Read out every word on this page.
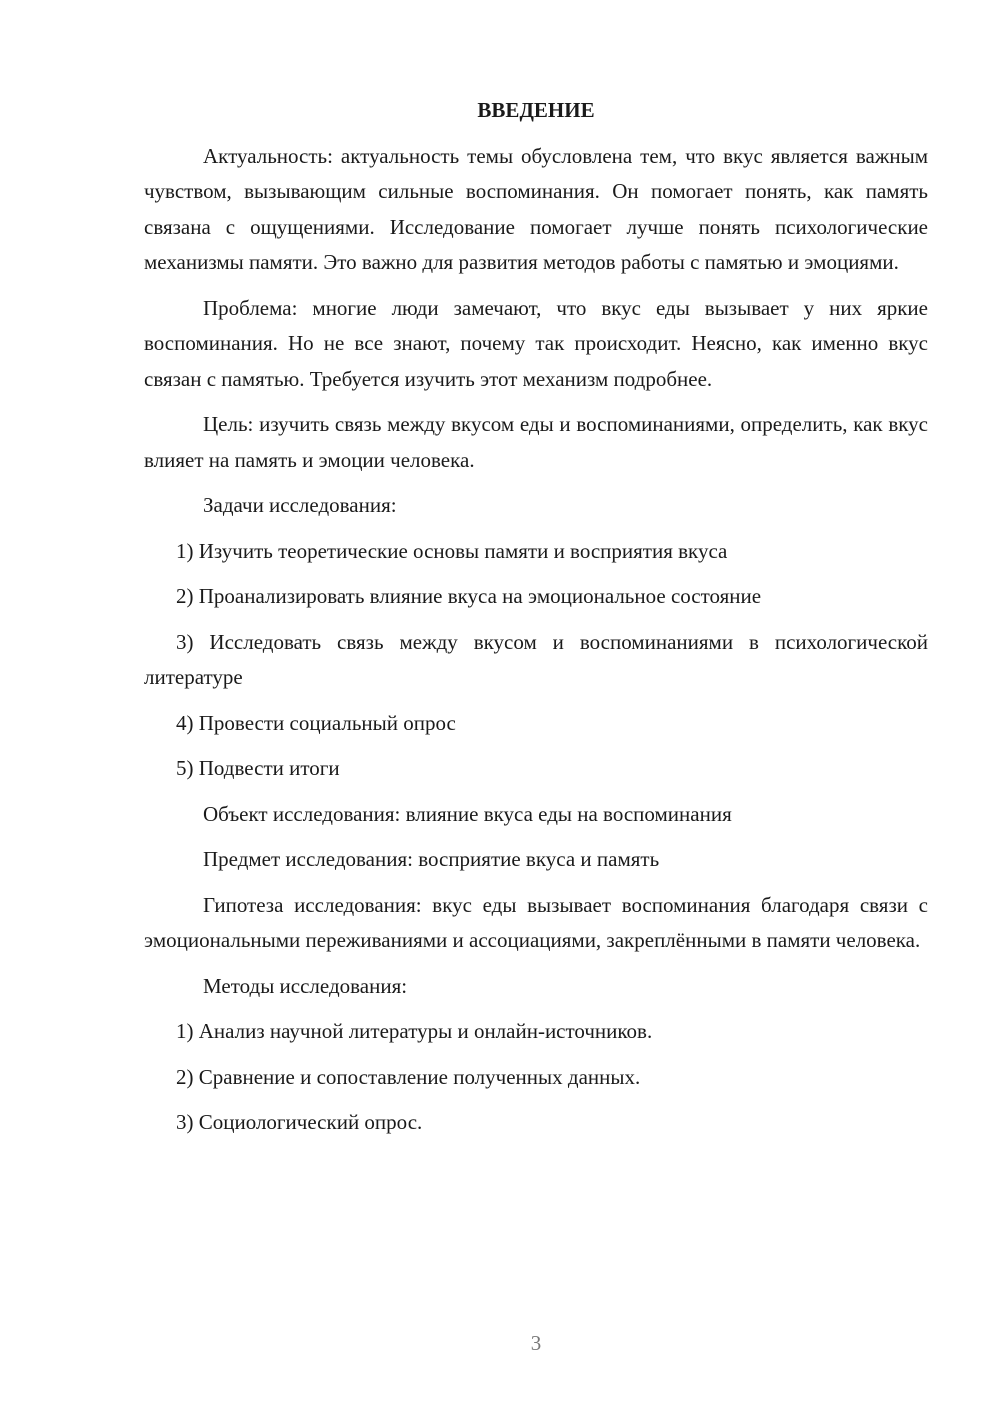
ВВЕДЕНИЕ

Актуальность: актуальность темы обусловлена тем, что вкус является важным чувством, вызывающим сильные воспоминания. Он помогает понять, как память связана с ощущениями. Исследование помогает лучше понять психологические механизмы памяти. Это важно для развития методов работы с памятью и эмоциями.

Проблема: многие люди замечают, что вкус еды вызывает у них яркие воспоминания. Но не все знают, почему так происходит. Неясно, как именно вкус связан с памятью. Требуется изучить этот механизм подробнее.

Цель: изучить связь между вкусом еды и воспоминаниями, определить, как вкус влияет на память и эмоции человека.

Задачи исследования:

1) Изучить теоретические основы памяти и восприятия вкуса

2) Проанализировать влияние вкуса на эмоциональное состояние

3) Исследовать связь между вкусом и воспоминаниями в психологической литературе

4) Провести социальный опрос

5) Подвести итоги

Объект исследования: влияние вкуса еды на воспоминания

Предмет исследования: восприятие вкуса и память

Гипотеза исследования: вкус еды вызывает воспоминания благодаря связи с эмоциональными переживаниями и ассоциациями, закреплёнными в памяти человека.

Методы исследования:

1) Анализ научной литературы и онлайн-источников.

2) Сравнение и сопоставление полученных данных.

3) Социологический опрос.

3
